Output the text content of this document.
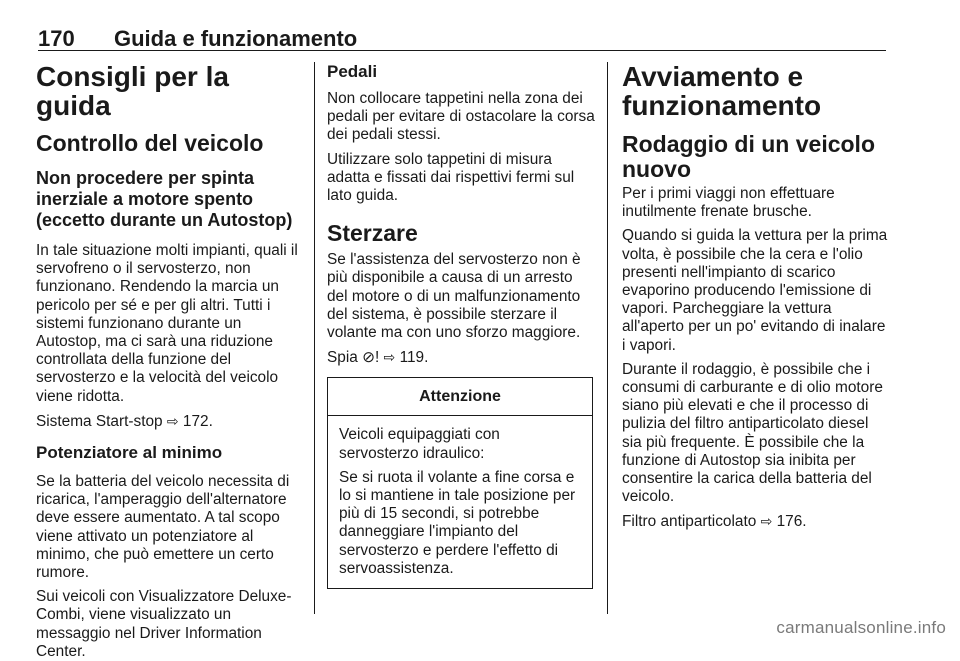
170 Guida e funzionamento
Consigli per la guida
Controllo del veicolo
Non procedere per spinta inerziale a motore spento (eccetto durante un Autostop)

In tale situazione molti impianti, quali il servofreno o il servosterzo, non funzionano. Rendendo la marcia un pericolo per sé e per gli altri. Tutti i sistemi funzionano durante un Autostop, ma ci sarà una riduzione controllata della funzione del servosterzo e la velocità del veicolo viene ridotta.

Sistema Start-stop ⇨ 172.

Potenziatore al minimo

Se la batteria del veicolo necessita di ricarica, l'amperaggio dell'alternatore deve essere aumentato. A tal scopo viene attivato un potenziatore al minimo, che può emettere un certo rumore.

Sui veicoli con Visualizzatore Deluxe-Combi, viene visualizzato un messaggio nel Driver Information Center.

Pedali

Non collocare tappetini nella zona dei pedali per evitare di ostacolare la corsa dei pedali stessi.

Utilizzare solo tappetini di misura adatta e fissati dai rispettivi fermi sul lato guida.

Sterzare

Se l'assistenza del servosterzo non è più disponibile a causa di un arresto del motore o di un malfunzionamento del sistema, è possibile sterzare il volante ma con uno sforzo maggiore.

Spia ⊘! ⇨ 119.

Attenzione

Veicoli equipaggiati con servosterzo idraulico:

Se si ruota il volante a fine corsa e lo si mantiene in tale posizione per più di 15 secondi, si potrebbe danneggiare l'impianto del servosterzo e perdere l'effetto di servoassistenza.

Avviamento e funzionamento
Rodaggio di un veicolo nuovo

Per i primi viaggi non effettuare inutilmente frenate brusche.

Quando si guida la vettura per la prima volta, è possibile che la cera e l'olio presenti nell'impianto di scarico evaporino producendo l'emissione di vapori. Parcheggiare la vettura all'aperto per un po' evitando di inalare i vapori.

Durante il rodaggio, è possibile che i consumi di carburante e di olio motore siano più elevati e che il processo di pulizia del filtro antiparticolato diesel sia più frequente. È possibile che la funzione di Autostop sia inibita per consentire la carica della batteria del veicolo.

Filtro antiparticolato ⇨ 176.

carmanualsonline.info
